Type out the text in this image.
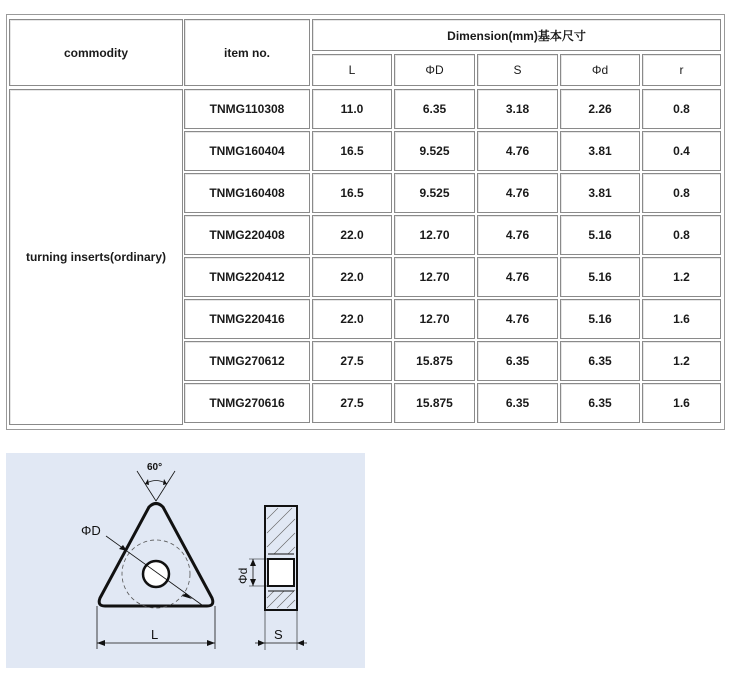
commodity	item no.
Dimension(mm)基本尺寸
L	ΦD	S	Φd	r
turning inserts(ordinary)
TNMG110308	11.0	6.35	3.18	2.26	0.8
TNMG160404	16.5	9.525	4.76	3.81	0.4
TNMG160408	16.5	9.525	4.76	3.81	0.8
TNMG220408	22.0	12.70	4.76	5.16	0.8
TNMG220412	22.0	12.70	4.76	5.16	1.2
TNMG220416	22.0	12.70	4.76	5.16	1.6
TNMG270612	27.5	15.875	6.35	6.35	1.2
TNMG270616	27.5	15.875	6.35	6.35	1.6
60°
ΦD
L
Φd
S
